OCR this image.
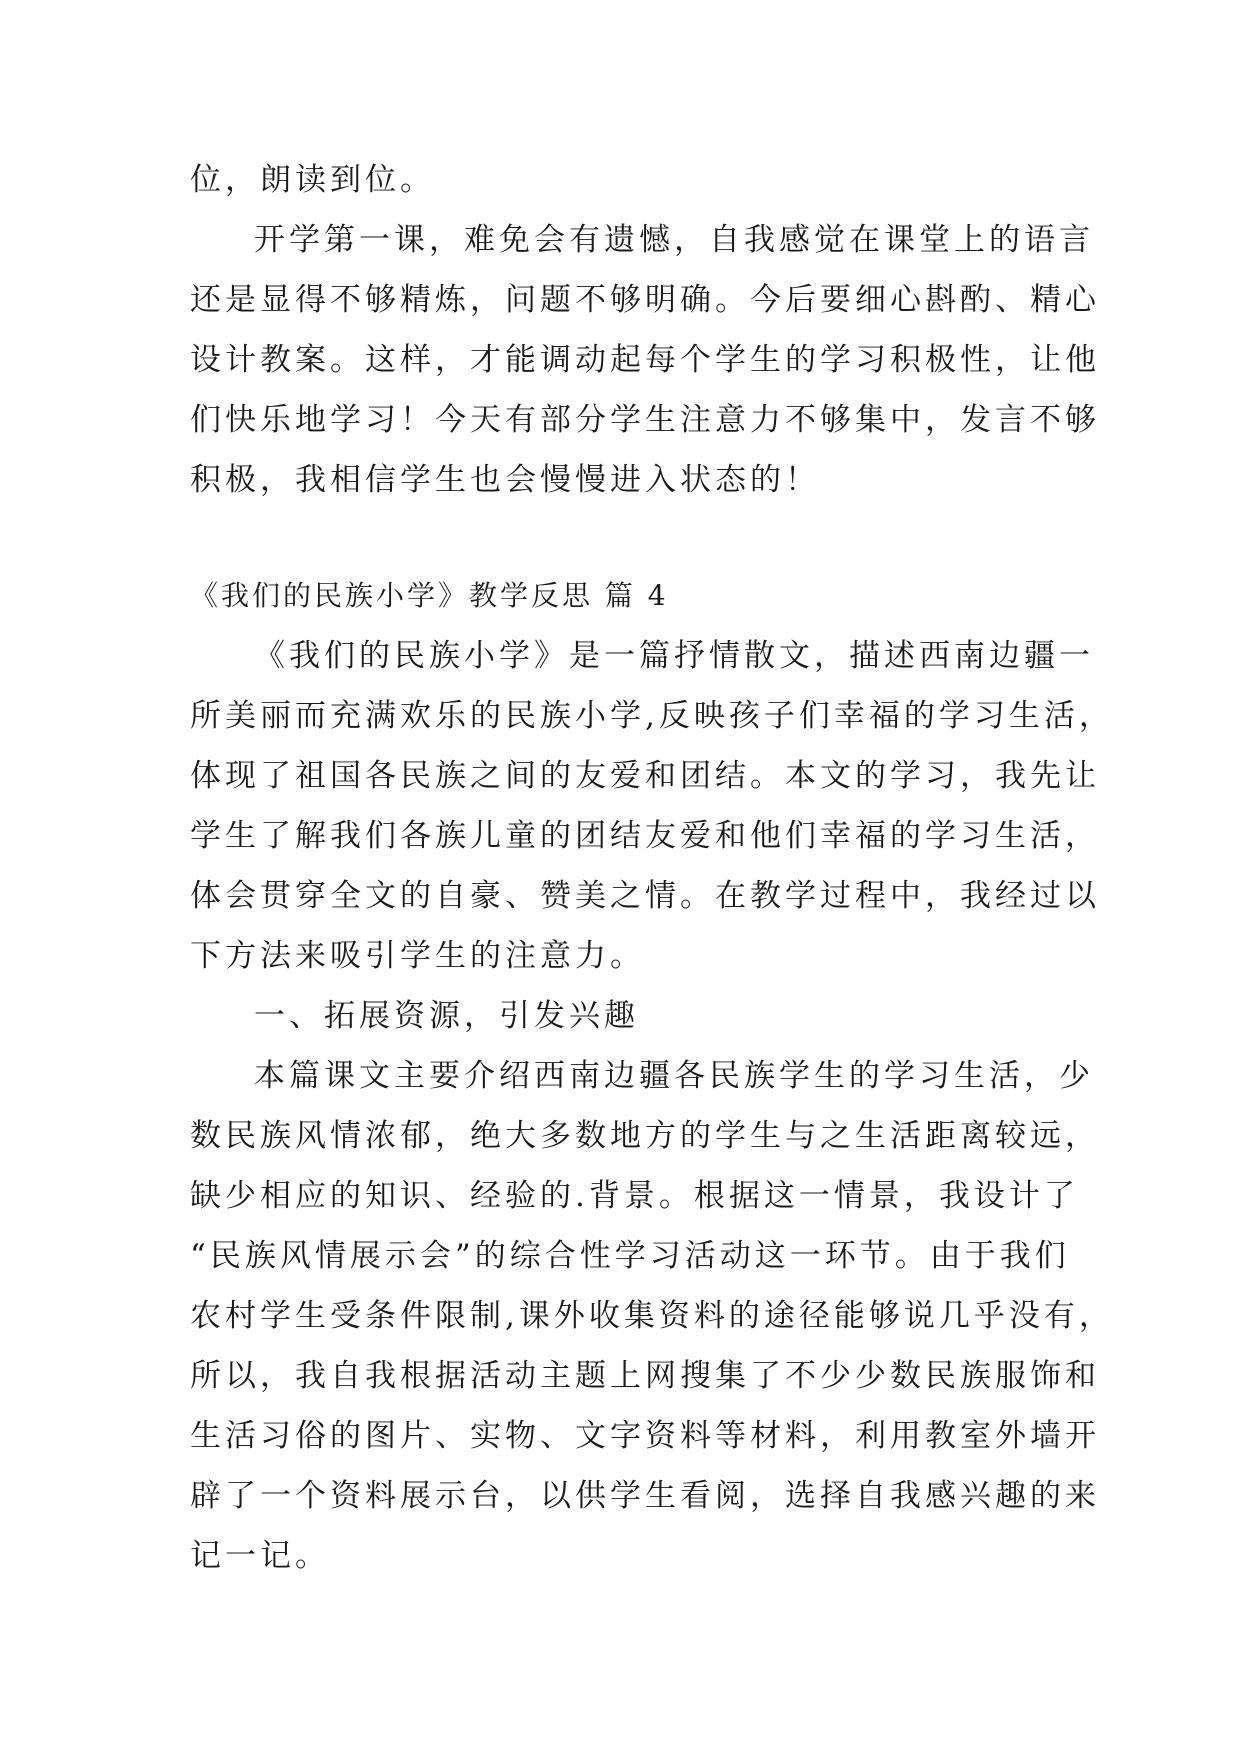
位，朗读到位。
开学第一课，难免会有遗憾，自我感觉在课堂上的语言
还是显得不够精炼，问题不够明确。今后要细心斟酌、精心
设计教案。这样，才能调动起每个学生的学习积极性，让他
们快乐地学习！今天有部分学生注意力不够集中，发言不够
积极，我相信学生也会慢慢进入状态的！
《我们的民族小学》教学反思 篇 4
《我们的民族小学》是一篇抒情散文，描述西南边疆一
所美丽而充满欢乐的民族小学,反映孩子们幸福的学习生活，
体现了祖国各民族之间的友爱和团结。本文的学习，我先让
学生了解我们各族儿童的团结友爱和他们幸福的学习生活，
体会贯穿全文的自豪、赞美之情。在教学过程中，我经过以
下方法来吸引学生的注意力。
一、拓展资源，引发兴趣
本篇课文主要介绍西南边疆各民族学生的学习生活，少
数民族风情浓郁，绝大多数地方的学生与之生活距离较远，
缺少相应的知识、经验的.背景。根据这一情景，我设计了
“民族风情展示会”的综合性学习活动这一环节。由于我们
农村学生受条件限制,课外收集资料的途径能够说几乎没有，
所以，我自我根据活动主题上网搜集了不少少数民族服饰和
生活习俗的图片、实物、文字资料等材料，利用教室外墙开
辟了一个资料展示台，以供学生看阅，选择自我感兴趣的来
记一记。
